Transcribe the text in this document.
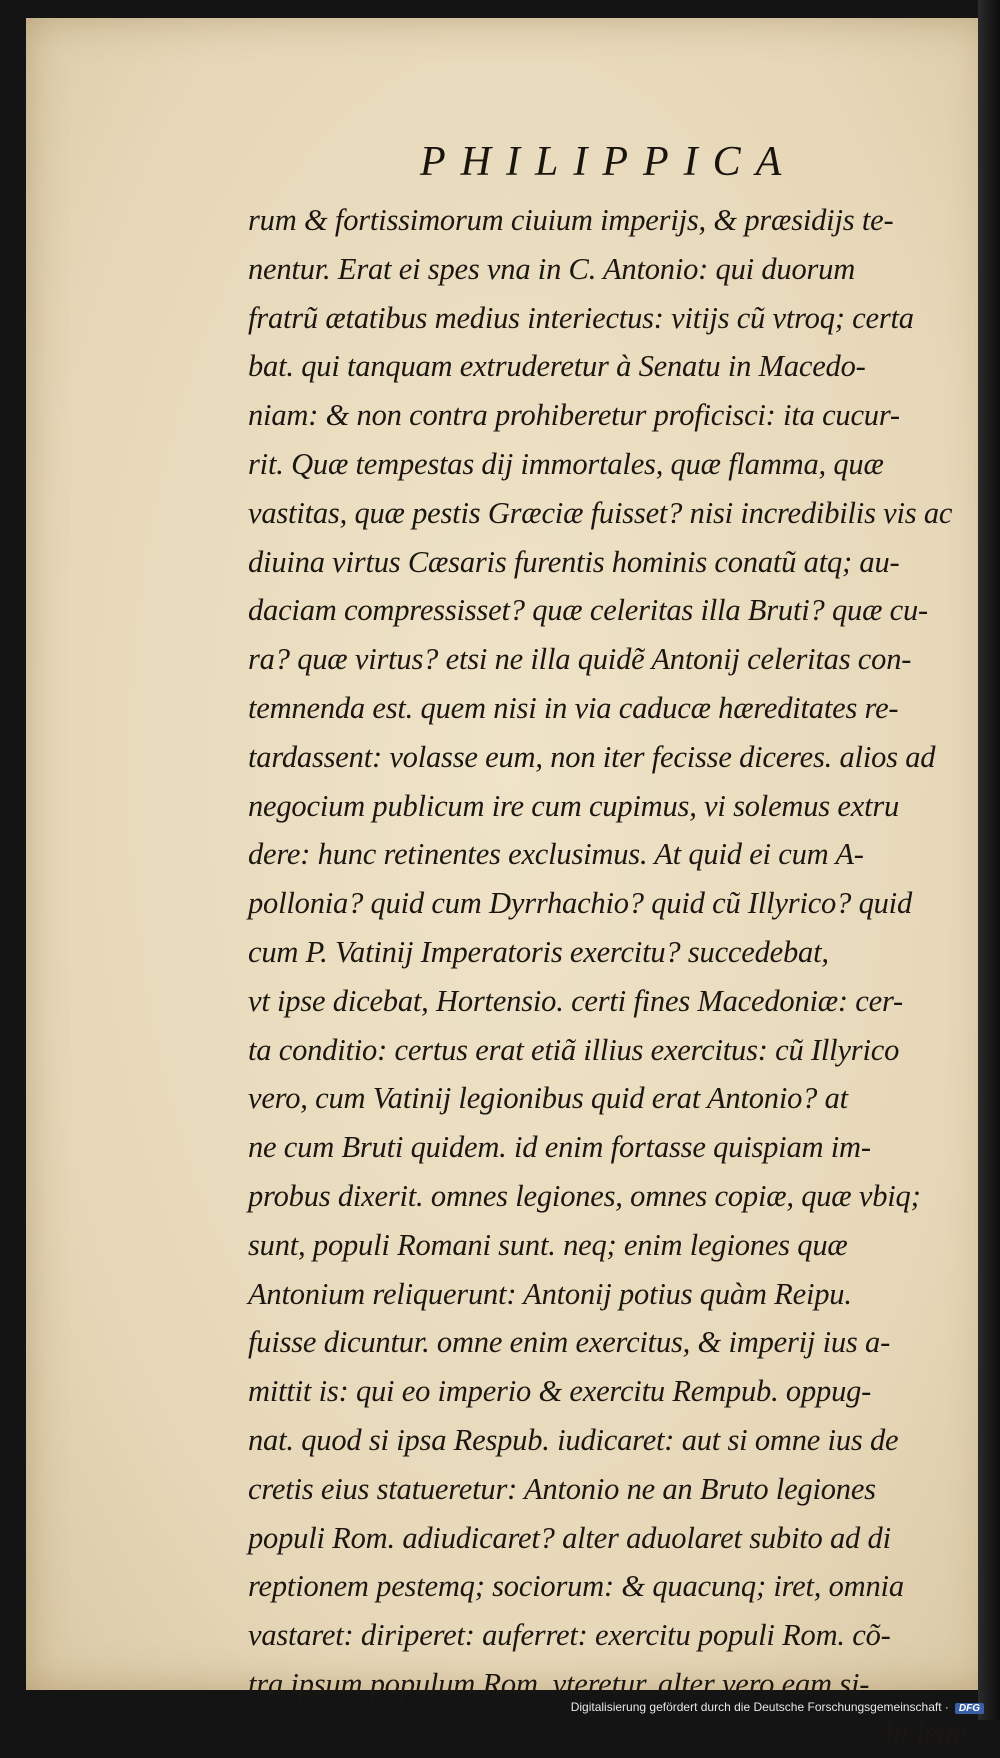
PHILIPPICA
rum & fortissimorum ciuium imperijs, & præsidijs te-
nentur. Erat ei spes vna in C. Antonio: qui duorum
fratrũ ætatibus medius interiectus: vitijs cũ vtroq; certa
bat. qui tanquam extruderetur à Senatu in Macedo-
niam: & non contra prohiberetur proficisci: ita cucur-
rit. Quæ tempestas dij immortales, quæ flamma, quæ
vastitas, quæ pestis Græciæ fuisset? nisi incredibilis vis ac
diuina virtus Cæsaris furentis hominis conatũ atq; au-
daciam compressisset? quæ celeritas illa Bruti? quæ cu-
ra? quæ virtus? etsi ne illa quidẽ Antonij celeritas con-
temnenda est. quem nisi in via caducæ hæreditates re-
tardassent: volasse eum, non iter fecisse diceres. alios ad
negocium publicum ire cum cupimus, vi solemus extru
dere: hunc retinentes exclusimus. At quid ei cum A-
pollonia? quid cum Dyrrhachio? quid cũ Illyrico? quid
cum P. Vatinij Imperatoris exercitu? succedebat,
vt ipse dicebat, Hortensio. certi fines Macedoniæ: cer-
ta conditio: certus erat etiã illius exercitus: cũ Illyrico
vero, cum Vatinij legionibus quid erat Antonio? at
ne cum Bruti quidem. id enim fortasse quispiam im-
probus dixerit. omnes legiones, omnes copiæ, quæ vbiq;
sunt, populi Romani sunt. neq; enim legiones quæ
Antonium reliquerunt: Antonij potius quàm Reipu.
fuisse dicuntur. omne enim exercitus, & imperij ius a-
mittit is: qui eo imperio & exercitu Rempub. oppug-
nat. quod si ipsa Respub. iudicaret: aut si omne ius de
cretis eius statueretur: Antonio ne an Bruto legiones
populi Rom. adiudicaret? alter aduolaret subito ad di
reptionem pestemq; sociorum: & quacunq; iret, omnia
vastaret: diriperet: auferret: exercitu populi Rom. cõ-
tra ipsum populum Rom. vteretur. alter vero eam si-
bi legẽ
Digitalisierung gefördert durch die Deutsche Forschungsgemeinschaft · DFG
